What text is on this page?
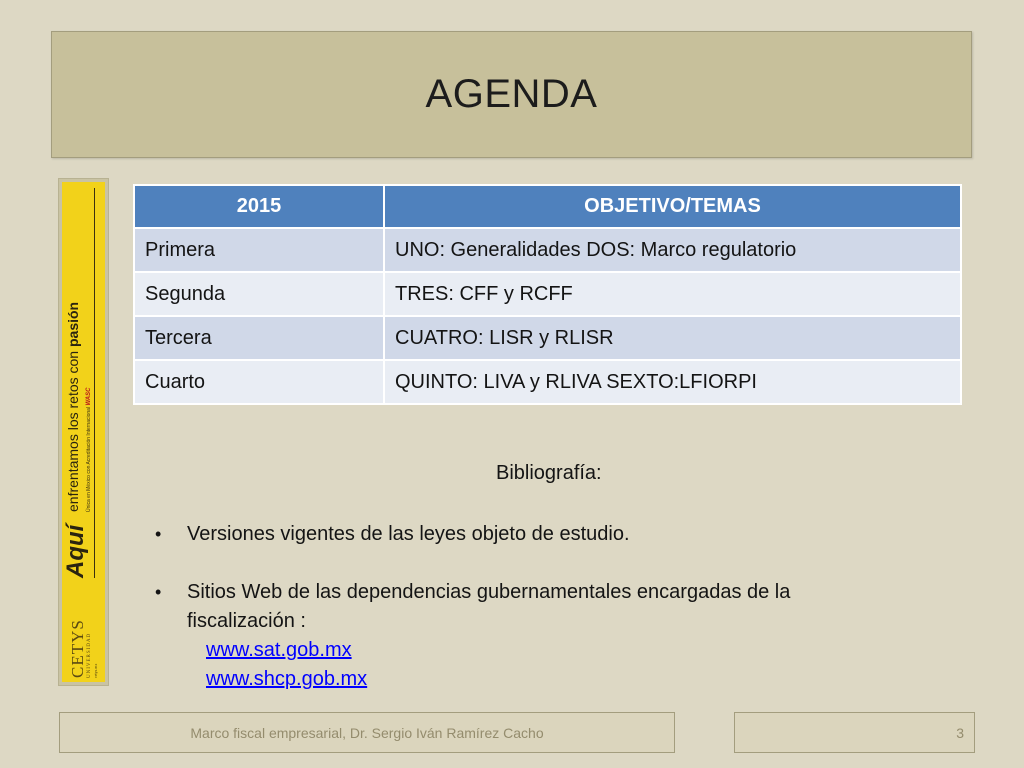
AGENDA
CETYS UNIVERSIDAD cetys.mx
Aquí
enfrentamos los retos con pasión
Única en México con Acreditación Internacional WASC
2015	OBJETIVO/TEMAS
Primera	UNO: Generalidades DOS: Marco regulatorio
Segunda	TRES: CFF y RCFF
Tercera	CUATRO: LISR y RLISR
Cuarto	QUINTO: LIVA y RLIVA SEXTO:LFIORPI
Bibliografía:
• Versiones vigentes de las leyes objeto de estudio.
• Sitios Web de las dependencias gubernamentales encargadas de la fiscalización :
www.sat.gob.mx
www.shcp.gob.mx
Marco fiscal empresarial, Dr. Sergio Iván Ramírez Cacho	3
